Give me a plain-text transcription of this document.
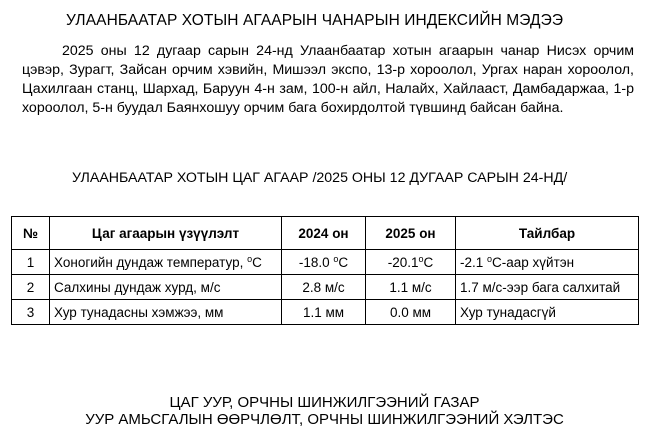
УЛААНБААТАР ХОТЫН АГААРЫН ЧАНАРЫН ИНДЕКСИЙН МЭДЭЭ

2025 оны 12 дугаар сарын 24-нд Улаанбаатар хотын агаарын чанар Нисэх орчим цэвэр, Зурагт, Зайсан орчим хэвийн, Мишээл экспо, 13-р хороолол, Ургах наран хороолол, Цахилгаан станц, Шархад, Баруун 4-н зам, 100-н айл, Налайх, Хайлааст, Дамбадаржаа, 1-р хороолол, 5-н буудал Баянхошуу орчим бага бохирдолтой түвшинд байсан байна.

УЛААНБААТАР ХОТЫН ЦАГ АГААР /2025 ОНЫ 12 ДУГААР САРЫН 24-НД/
№	Цаг агаарын үзүүлэлт	2024 он	2025 он	Тайлбар
1	Хоногийн дундаж температур, $^о$С	-18.0 $^о$С	$-20.1^оС$	-2.1 $^о$С-аар хүйтэн
2	Салхины дундаж хурд, м/с	2.8 м/с	1.1 м/с	1.7 м/с-ээр бага салхитай
3	Хур тунадасны хэмжээ, мм	1.1 мм	0.0 мм	Хур тунадасгүй
ЦАГ УУР, ОРЧНЫ ШИНЖИЛГЭЭНИЙ ГАЗАР
УУР АМЬСГАЛЫН ӨӨРЧЛӨЛТ, ОРЧНЫ ШИНЖИЛГЭЭНИЙ ХЭЛТЭС
